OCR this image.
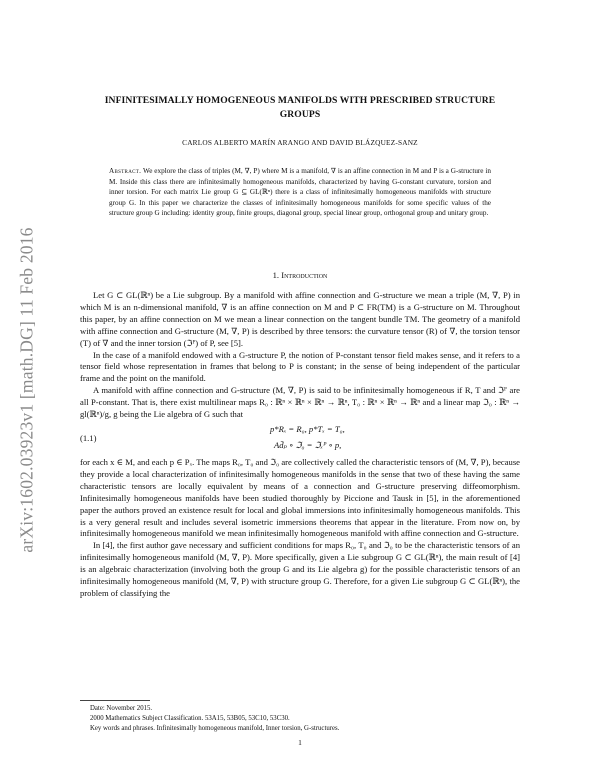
arXiv:1602.03923v1 [math.DG] 11 Feb 2016
INFINITESIMALLY HOMOGENEOUS MANIFOLDS WITH PRESCRIBED STRUCTURE
GROUPS
CARLOS ALBERTO MARÍN ARANGO AND DAVID BLÁZQUEZ-SANZ
Abstract. We explore the class of triples (M, ∇, P) where M is a manifold, ∇ is an affine connection in M and P is a G-structure in M. Inside this class there are infinitesimally homogeneous manifolds, characterized by having G-constant curvature, torsion and inner torsion. For each matrix Lie group G ⊆ GL(ℝⁿ) there is a class of infinitesimally homogeneous manifolds with structure group G. In this paper we characterize the classes of infinitesimally homogeneous manifolds for some specific values of the structure group G including: identity group, finite groups, diagonal group, special linear group, orthogonal group and unitary group.
1. Introduction

Let G ⊂ GL(ℝⁿ) be a Lie subgroup. By a manifold with affine connection and G-structure we mean a triple (M, ∇, P) in which M is an n-dimensional manifold, ∇ is an affine connection on M and P ⊂ FR(TM) is a G-structure on M. Throughout this paper, by an affine connection on M we mean a linear connection on the tangent bundle TM. The geometry of a manifold with affine connection and G-structure (M, ∇, P) is described by three tensors: the curvature tensor (R) of ∇, the torsion tensor (T) of ∇ and the inner torsion (ℑᴾ) of P, see [5].

In the case of a manifold endowed with a G-structure P, the notion of P-constant tensor field makes sense, and it refers to a tensor field whose representation in frames that belong to P is constant; in the sense of being independent of the particular frame and the point on the manifold.

A manifold with affine connection and G-structure (M, ∇, P) is said to be infinitesimally homogeneous if R, T and ℑᴾ are all P-constant. That is, there exist multilinear maps R₀ : ℝⁿ × ℝⁿ × ℝⁿ → ℝⁿ, T₀ : ℝⁿ × ℝⁿ → ℝⁿ and a linear map ℑ₀ : ℝⁿ → gl(ℝⁿ)/g, g being the Lie algebra of G such that

(1.1)
p*Rₓ = R₀, p*Tₓ = T₀,
Ad̄ₚ ∘ ℑ₀ = ℑₓᴾ ∘ p,

for each x ∈ M, and each p ∈ Pₓ. The maps R₀, T₀ and ℑ₀ are collectively called the characteristic tensors of (M, ∇, P), because they provide a local characterization of infinitesimally homogeneous manifolds in the sense that two of these having the same characteristic tensors are locally equivalent by means of a connection and G-structure preserving diffeomorphism. Infinitesimally homogeneous manifolds have been studied thoroughly by Piccione and Tausk in [5], in the aforementioned paper the authors proved an existence result for local and global immersions into infinitesimally homogeneous manifolds. This is a very general result and includes several isometric immersions theorems that appear in the literature. From now on, by infinitesimally homogeneous manifold we mean infinitesimally homogeneous manifold with affine connection and G-structure.

In [4], the first author gave necessary and sufficient conditions for maps R₀, T₀ and ℑ₀ to be the characteristic tensors of an infinitesimally homogeneous manifold (M, ∇, P). More specifically, given a Lie subgroup G ⊂ GL(ℝⁿ), the main result of [4] is an algebraic characterization (involving both the group G and its Lie algebra g) for the possible characteristic tensors of an infinitesimally homogeneous manifold (M, ∇, P) with structure group G. Therefore, for a given Lie subgroup G ⊂ GL(ℝⁿ), the problem of classifying the

Date: November 2015.
2000 Mathematics Subject Classification. 53A15, 53B05, 53C10, 53C30.
Key words and phrases. Infinitesimally homogeneous manifold, Inner torsion, G-structures.
1
